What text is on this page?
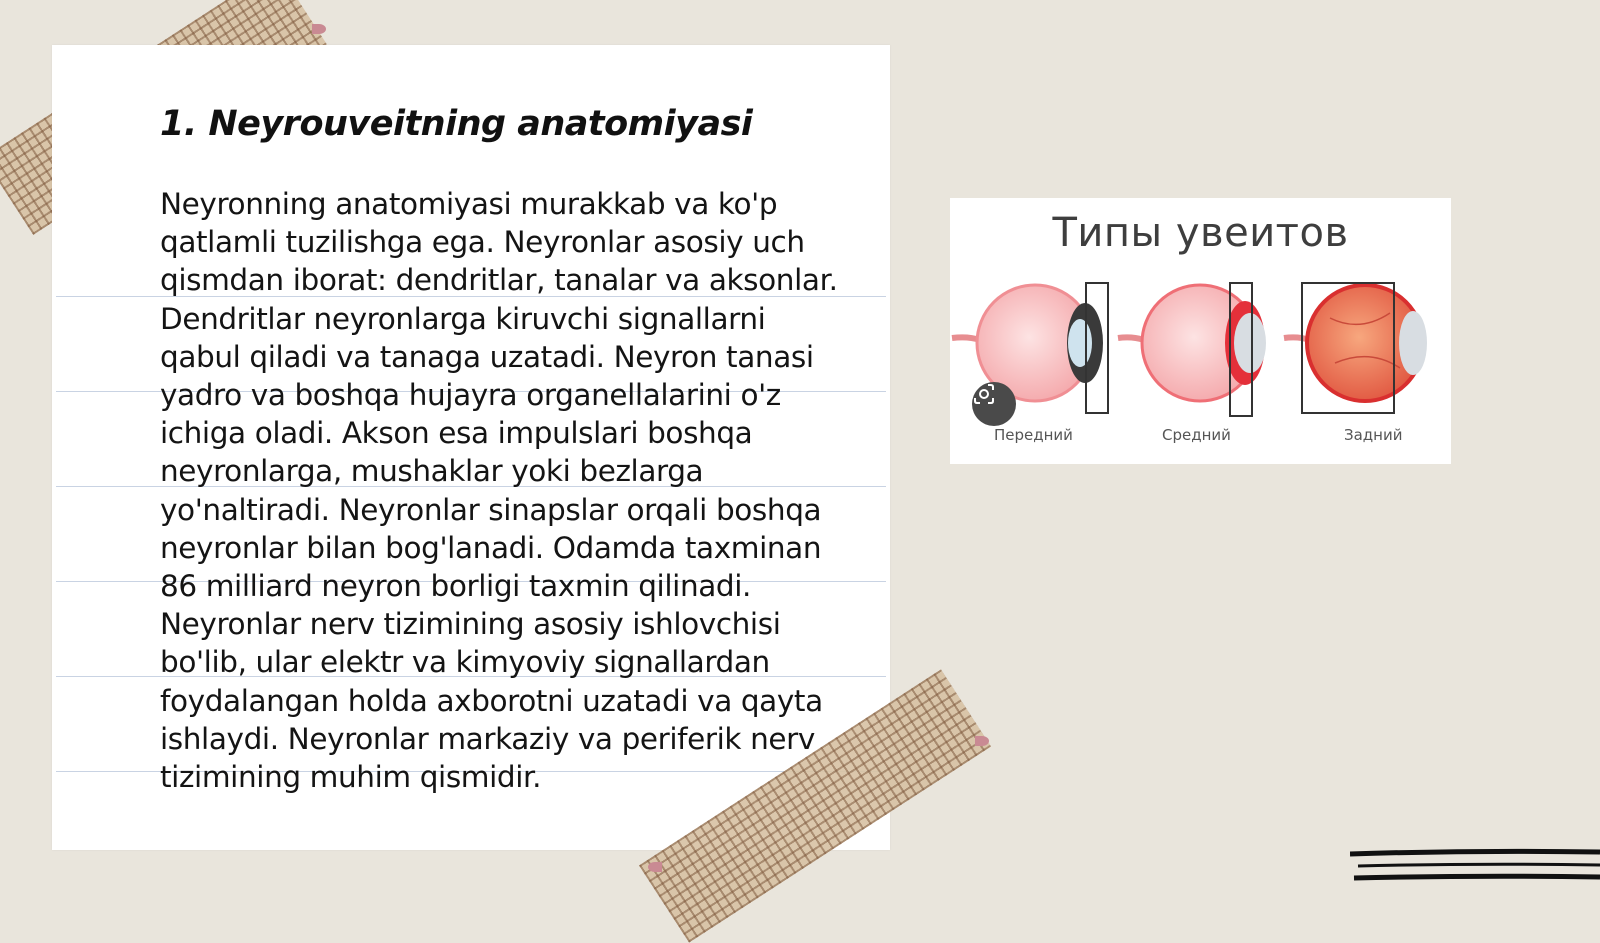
1. Neyrouveitning anatomiyasi

Neyronning anatomiyasi murakkab va ko'p qatlamli tuzilishga ega. Neyronlar asosiy uch qismdan iborat: dendritlar, tanalar va aksonlar. Dendritlar neyronlarga kiruvchi signallarni qabul qiladi va tanaga uzatadi. Neyron tanasi yadro va boshqa hujayra organellalarini o'z ichiga oladi. Akson esa impulslari boshqa neyronlarga, mushaklar yoki bezlarga yo'naltiradi. Neyronlar sinapslar orqali boshqa neyronlar bilan bog'lanadi. Odamda taxminan 86 milliard neyron borligi taxmin qilinadi. Neyronlar nerv tizimining asosiy ishlovchisi bo'lib, ular elektr va kimyoviy signallardan foydalangan holda axborotni uzatadi va qayta ishlaydi. Neyronlar markaziy va periferik nerv tizimining muhim qismidir.

Типы увеитов
Передний	Средний	Задний
